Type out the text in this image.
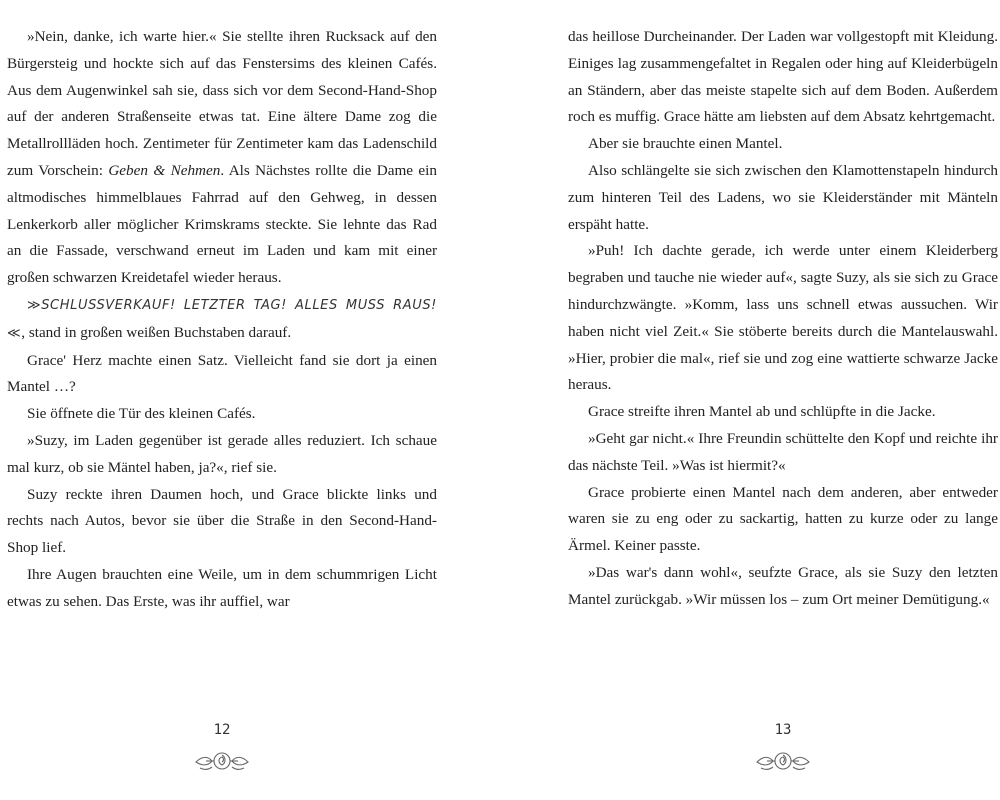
»Nein, danke, ich warte hier.« Sie stellte ihren Rucksack auf den Bürgersteig und hockte sich auf das Fenstersims des kleinen Cafés. Aus dem Augenwinkel sah sie, dass sich vor dem Second-Hand-Shop auf der anderen Straßenseite etwas tat. Eine ältere Dame zog die Metallrollläden hoch. Zentimeter für Zentimeter kam das Ladenschild zum Vorschein: Geben & Nehmen. Als Nächstes rollte die Dame ein altmodisches himmelblaues Fahrrad auf den Gehweg, in dessen Lenkerkorb aller möglicher Krimskrams steckte. Sie lehnte das Rad an die Fassade, verschwand erneut im Laden und kam mit einer großen schwarzen Kreidetafel wieder heraus.

≫SCHLUSSVERKAUF! LETZTER TAG! ALLES MUSS RAUS!≪, stand in großen weißen Buchstaben darauf.

Grace' Herz machte einen Satz. Vielleicht fand sie dort ja einen Mantel …?

Sie öffnete die Tür des kleinen Cafés.

»Suzy, im Laden gegenüber ist gerade alles reduziert. Ich schaue mal kurz, ob sie Mäntel haben, ja?«, rief sie.

Suzy reckte ihren Daumen hoch, und Grace blickte links und rechts nach Autos, bevor sie über die Straße in den Second-Hand-Shop lief.

Ihre Augen brauchten eine Weile, um in dem schummrigen Licht etwas zu sehen. Das Erste, was ihr auffiel, war

12

das heillose Durcheinander. Der Laden war vollgestopft mit Kleidung. Einiges lag zusammengefaltet in Regalen oder hing auf Kleiderbügeln an Ständern, aber das meiste stapelte sich auf dem Boden. Außerdem roch es muffig. Grace hätte am liebsten auf dem Absatz kehrtgemacht.

Aber sie brauchte einen Mantel.

Also schlängelte sie sich zwischen den Klamottenstapeln hindurch zum hinteren Teil des Ladens, wo sie Kleiderständer mit Mänteln erspäht hatte.

»Puh! Ich dachte gerade, ich werde unter einem Kleiderberg begraben und tauche nie wieder auf«, sagte Suzy, als sie sich zu Grace hindurchzwängte. »Komm, lass uns schnell etwas aussuchen. Wir haben nicht viel Zeit.« Sie stöberte bereits durch die Mantelauswahl. »Hier, probier die mal«, rief sie und zog eine wattierte schwarze Jacke heraus.

Grace streifte ihren Mantel ab und schlüpfte in die Jacke.

»Geht gar nicht.« Ihre Freundin schüttelte den Kopf und reichte ihr das nächste Teil. »Was ist hiermit?«

Grace probierte einen Mantel nach dem anderen, aber entweder waren sie zu eng oder zu sackartig, hatten zu kurze oder zu lange Ärmel. Keiner passte.

»Das war's dann wohl«, seufzte Grace, als sie Suzy den letzten Mantel zurückgab. »Wir müssen los – zum Ort meiner Demütigung.«

13
